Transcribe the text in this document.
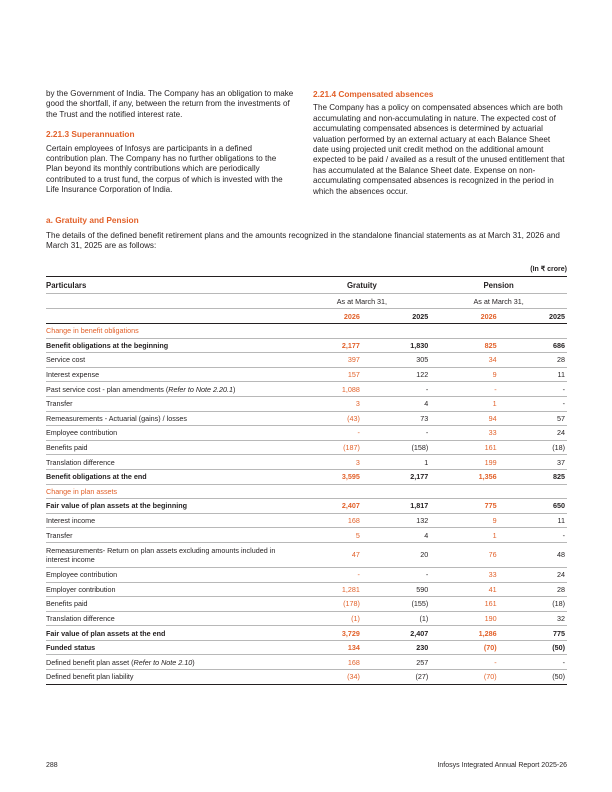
by the Government of India. The Company has an obligation to make good the shortfall, if any, between the return from the investments of the Trust and the notified interest rate.

2.21.3 Superannuation

Certain employees of Infosys are participants in a defined contribution plan. The Company has no further obligations to the Plan beyond its monthly contributions which are periodically contributed to a trust fund, the corpus of which is invested with the Life Insurance Corporation of India.

2.21.4 Compensated absences

The Company has a policy on compensated absences which are both accumulating and non-accumulating in nature. The expected cost of accumulating compensated absences is determined by actuarial valuation performed by an external actuary at each Balance Sheet date using projected unit credit method on the additional amount expected to be paid / availed as a result of the unused entitlement that has accumulated at the Balance Sheet date. Expense on non-accumulating compensated absences is recognized in the period in which the absences occur.

a. Gratuity and Pension
The details of the defined benefit retirement plans and the amounts recognized in the standalone financial statements as at March 31, 2026 and March 31, 2025 are as follows:
(In ₹ crore)
Particulars	Gratuity		Pension	
	As at March 31,		As at March 31,	
	2026	2025	2026	2025
Change in benefit obligations				
Benefit obligations at the beginning	2,177	1,830	825	686
Service cost	397	305	34	28
Interest expense	157	122	9	11
Past service cost - plan amendments (Refer to Note 2.20.1)	1,088	-	-	-
Transfer	3	4	1	-
Remeasurements - Actuarial (gains) / losses	(43)	73	94	57
Employee contribution	-	-	33	24
Benefits paid	(187)	(158)	161	(18)
Translation difference	3	1	199	37
Benefit obligations at the end	3,595	2,177	1,356	825
Change in plan assets				
Fair value of plan assets at the beginning	2,407	1,817	775	650
Interest income	168	132	9	11
Transfer	5	4	1	-
Remeasurements- Return on plan assets excluding amounts included in interest income	47	20	76	48
Employee contribution	-	-	33	24
Employer contribution	1,281	590	41	28
Benefits paid	(178)	(155)	161	(18)
Translation difference	(1)	(1)	190	32
Fair value of plan assets at the end	3,729	2,407	1,286	775
Funded status	134	230	(70)	(50)
Defined benefit plan asset (Refer to Note 2.10)	168	257	-	-
Defined benefit plan liability	(34)	(27)	(70)	(50)
288	Infosys Integrated Annual Report 2025-26
